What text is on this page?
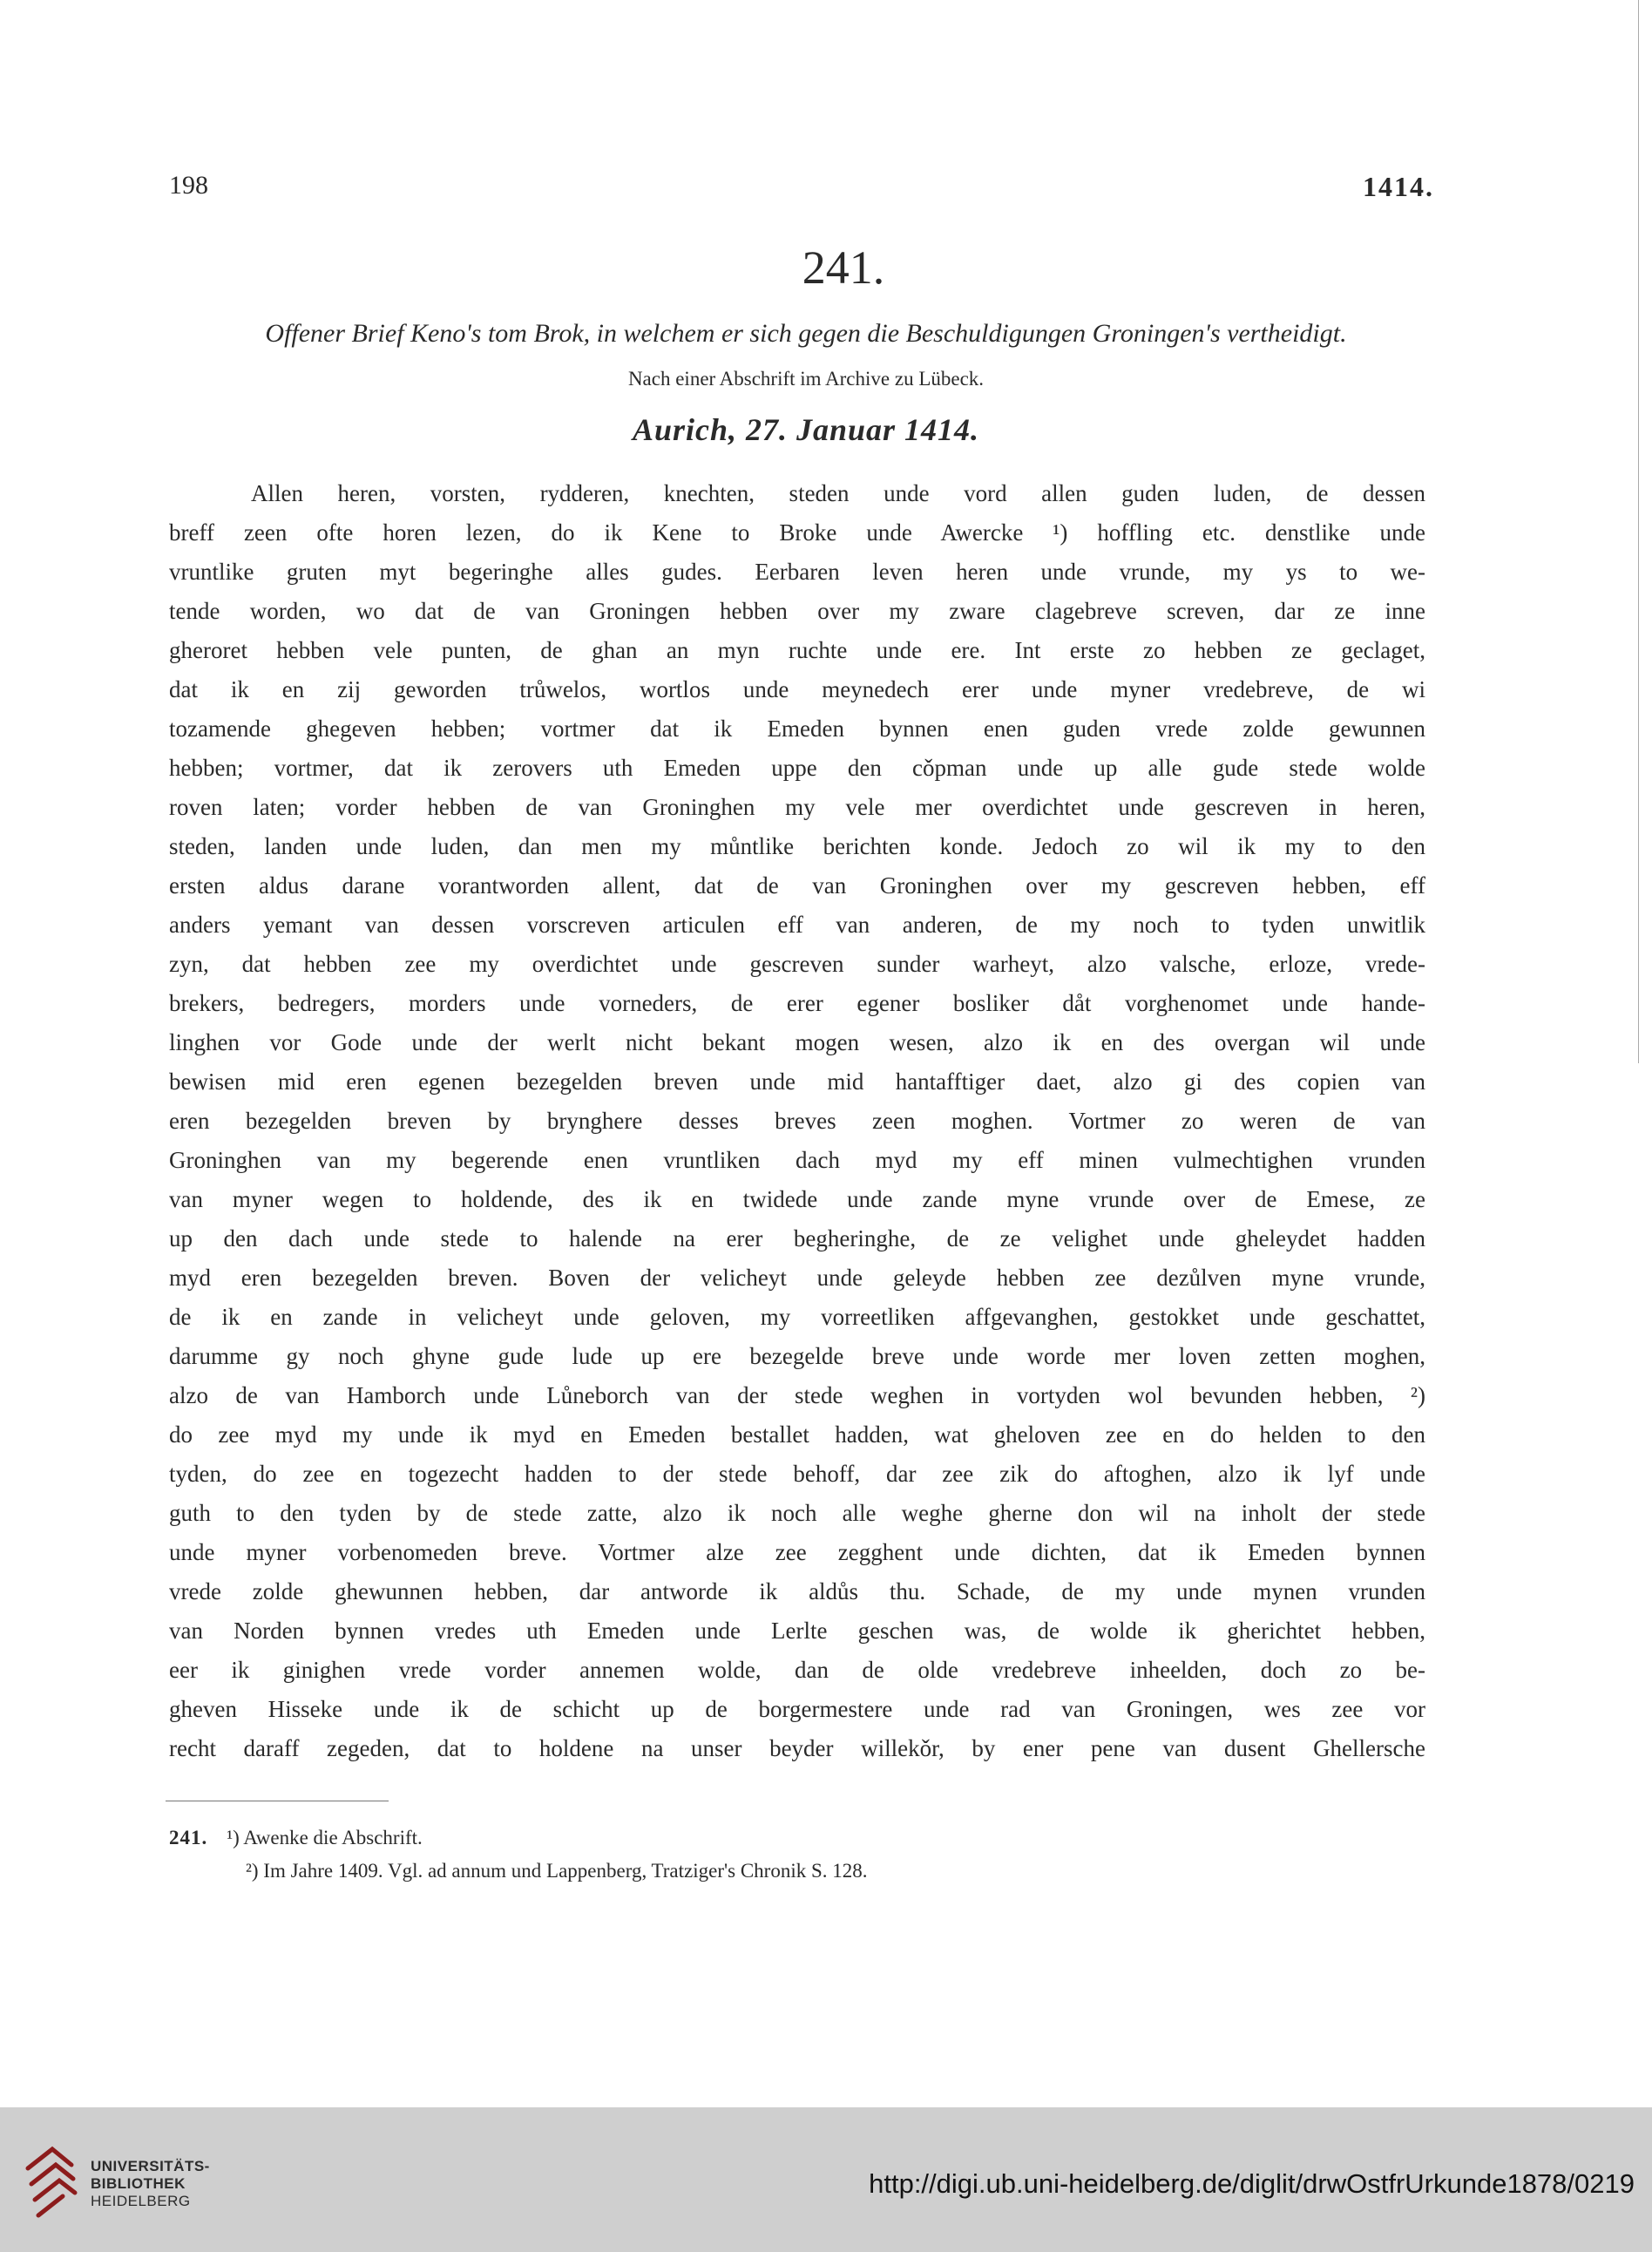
198	1414.
241.
Offener Brief Keno's tom Brok, in welchem er sich gegen die Beschuldigungen Groningen's vertheidigt.
Nach einer Abschrift im Archive zu Lübeck.
Aurich, 27. Januar 1414.
Allen heren, vorsten, rydderen, knechten, steden unde vord allen guden luden, de dessen
breff zeen ofte horen lezen, do ik Kene to Broke unde Awercke ¹) hoffling etc. denstlike unde
vruntlike gruten myt begeringhe alles gudes. Eerbaren leven heren unde vrunde, my ys to we-
tende worden, wo dat de van Groningen hebben over my zware clagebreve screven, dar ze inne
gheroret hebben vele punten, de ghan an myn ruchte unde ere. Int erste zo hebben ze geclaget,
dat ik en zij geworden trůwelos, wortlos unde meynedech erer unde myner vredebreve, de wi
tozamende ghegeven hebben; vortmer dat ik Emeden bynnen enen guden vrede zolde gewunnen
hebben; vortmer, dat ik zerovers uth Emeden uppe den cǒpman unde up alle gude stede wolde
roven laten; vorder hebben de van Groninghen my vele mer overdichtet unde gescreven in heren,
steden, landen unde luden, dan men my můntlike berichten konde. Jedoch zo wil ik my to den
ersten aldus darane vorantworden allent, dat de van Groninghen over my gescreven hebben, eff
anders yemant van dessen vorscreven articulen eff van anderen, de my noch to tyden unwitlik
zyn, dat hebben zee my overdichtet unde gescreven sunder warheyt, alzo valsche, erloze, vrede-
brekers, bedregers, morders unde vorneders, de erer egener bosliker dåt vorghenomet unde hande-
linghen vor Gode unde der werlt nicht bekant mogen wesen, alzo ik en des overgan wil unde
bewisen mid eren egenen bezegelden breven unde mid hantafftiger daet, alzo gi des copien van
eren bezegelden breven by brynghere desses breves zeen moghen. Vortmer zo weren de van
Groninghen van my begerende enen vruntliken dach myd my eff minen vulmechtighen vrunden
van myner wegen to holdende, des ik en twidede unde zande myne vrunde over de Emese, ze
up den dach unde stede to halende na erer begheringhe, de ze velighet unde gheleydet hadden
myd eren bezegelden breven. Boven der velicheyt unde geleyde hebben zee dezůlven myne vrunde,
de ik en zande in velicheyt unde geloven, my vorreetliken affgevanghen, gestokket unde geschattet,
darumme gy noch ghyne gude lude up ere bezegelde breve unde worde mer loven zetten moghen,
alzo de van Hamborch unde Lůneborch van der stede weghen in vortyden wol bevunden hebben, ²)
do zee myd my unde ik myd en Emeden bestallet hadden, wat gheloven zee en do helden to den
tyden, do zee en togezecht hadden to der stede behoff, dar zee zik do aftoghen, alzo ik lyf unde
guth to den tyden by de stede zatte, alzo ik noch alle weghe gherne don wil na inholt der stede
unde myner vorbenomeden breve. Vortmer alze zee zegghent unde dichten, dat ik Emeden bynnen
vrede zolde ghewunnen hebben, dar antworde ik aldůs thu. Schade, de my unde mynen vrunden
van Norden bynnen vredes uth Emeden unde Lerlte geschen was, de wolde ik gherichtet hebben,
eer ik ginighen vrede vorder annemen wolde, dan de olde vredebreve inheelden, doch zo be-
gheven Hisseke unde ik de schicht up de borgermestere unde rad van Groningen, wes zee vor
recht daraff zegeden, dat to holdene na unser beyder willekǒr, by ener pene van dusent Ghellersche
241. ¹) Awenke die Abschrift.
²) Im Jahre 1409. Vgl. ad annum und Lappenberg, Tratziger's Chronik S. 128.
UNIVERSITÄTS-
BIBLIOTHEK
HEIDELBERG
http://digi.ub.uni-heidelberg.de/diglit/drwOstfrUrkunde1878/0219
